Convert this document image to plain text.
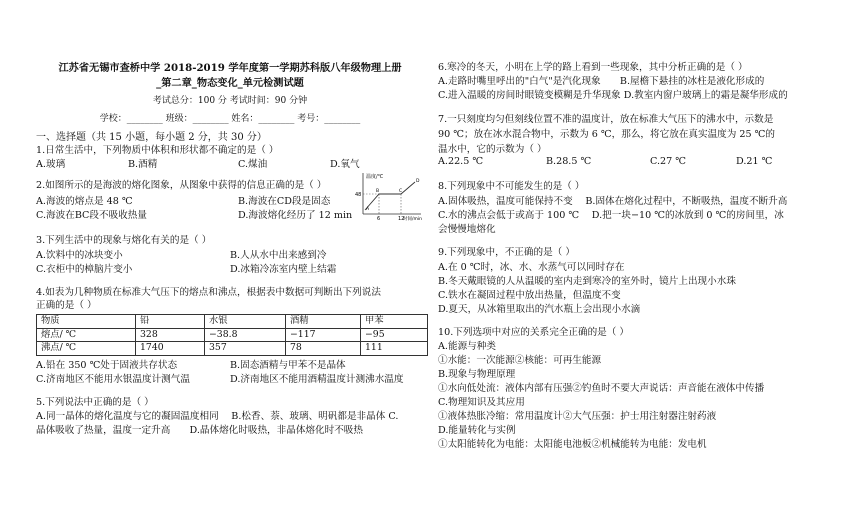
江苏省无锡市查桥中学 2018-2019 学年度第一学期苏科版八年级物理上册
_第二章_物态变化_单元检测试题
考试总分：100 分 考试时间：90 分钟
学校：________ 班级：________ 姓名：________ 考号：________
一、选择题（共 15 小题，每小题 2 分，共 30 分）
1.日常生活中，下列物质中体积和形状都不确定的是（ ）
A.玻璃	B.酒精	C.煤油	D.氧气
2.如图所示的是海波的熔化图象，从图象中获得的信息正确的是（ ）
A.海波的熔点是 48 ℃	B.海波在CD段是固态
C.海波在BC段不吸收热量	D.海波熔化经历了 12 min
温度/℃
48
6	12
时间/min
A
B	C
D
3.下列生活中的现象与熔化有关的是（ ）
A.饮料中的冰块变小	B.人从水中出来感到冷
C.衣柜中的樟脑片变小	D.冰箱冷冻室内壁上结霜
4.如表为几种物质在标准大气压下的熔点和沸点，根据表中数据可判断出下列说法
正确的是（ ）
物质	铅	水银	酒精	甲苯
熔点/ ℃	328	−38.8	−117	−95
沸点/ ℃	1740	357	78	111
A.铅在 350 ℃处于固液共存状态	B.固态酒精与甲苯不是晶体
C.济南地区不能用水银温度计测气温	D.济南地区不能用酒精温度计测沸水温度
5.下列说法中正确的是（ ）
A.同一晶体的熔化温度与它的凝固温度相同　 B.松香、萘、玻璃、明矾都是非晶体 C.
晶体吸收了热量，温度一定升高　　D.晶体熔化时吸热，非晶体熔化时不吸热
6.寒冷的冬天，小明在上学的路上看到一些现象，其中分析正确的是（ ）
A.走路时嘴里呼出的"白气"是汽化现象　　B.屋檐下悬挂的冰柱是液化形成的
C.进入温暖的房间时眼镜变模糊是升华现象 D.教室内窗户玻璃上的霜是凝华形成的
7.一只刻度均匀但刻线位置不准的温度计，放在标准大气压下的沸水中，示数是
90 ℃；放在冰水混合物中，示数为 6 ℃，那么，将它放在真实温度为 25 ℃的
温水中，它的示数为（ ）
A.22.5 ℃	B.28.5 ℃	C.27 ℃	D.21 ℃
8.下列现象中不可能发生的是（ ）
A.固体吸热，温度可能保持不变　 B.固体在熔化过程中，不断吸热，温度不断升高
C.水的沸点会低于或高于 100 ℃　 D.把一块−10 ℃的冰放到 0 ℃的房间里，冰
会慢慢地熔化
9.下列现象中，不正确的是（ ）
A.在 0 ℃时，冰、水、水蒸气可以同时存在
B.冬天戴眼镜的人从温暖的室内走到寒冷的室外时，镜片上出现小水珠
C.铁水在凝固过程中放出热量，但温度不变
D.夏天，从冰箱里取出的汽水瓶上会出现小水滴
10.下列选项中对应的关系完全正确的是（ ）
A.能源与种类
①水能：一次能源②核能：可再生能源
B.现象与物理原理
①水向低处流：液体内部有压强②钓鱼时不要大声说话：声音能在液体中传播
C.物理知识及其应用
①液体热胀冷缩：常用温度计②大气压强：护士用注射器注射药液
D.能量转化与实例
①太阳能转化为电能：太阳能电池板②机械能转为电能：发电机
